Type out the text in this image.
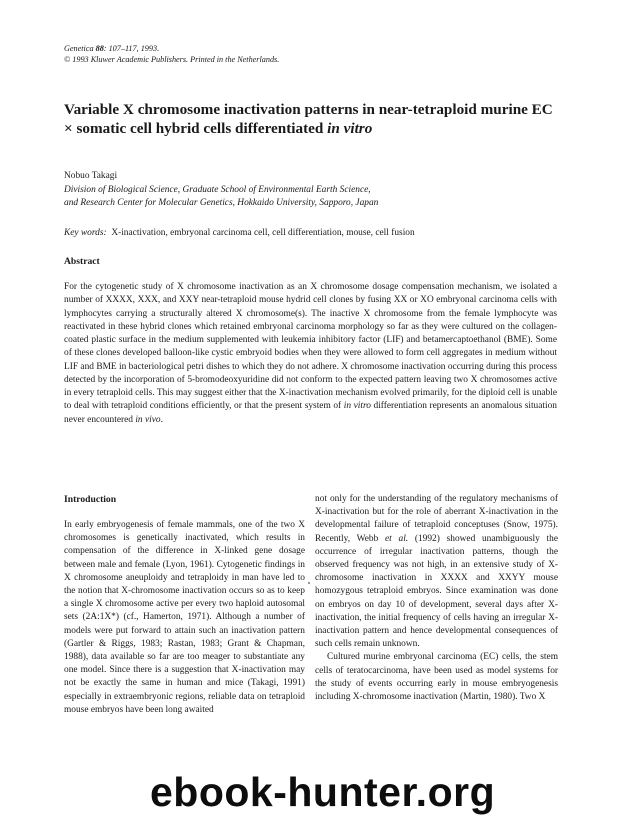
Genetica 88: 107–117, 1993.
© 1993 Kluwer Academic Publishers. Printed in the Netherlands.
Variable X chromosome inactivation patterns in near-tetraploid murine EC × somatic cell hybrid cells differentiated in vitro
Nobuo Takagi
Division of Biological Science, Graduate School of Environmental Earth Science,
and Research Center for Molecular Genetics, Hokkaido University, Sapporo, Japan
Key words: X-inactivation, embryonal carcinoma cell, cell differentiation, mouse, cell fusion
Abstract

For the cytogenetic study of X chromosome inactivation as an X chromosome dosage compensation mechanism, we isolated a number of XXXX, XXX, and XXY near-tetraploid mouse hydrid cell clones by fusing XX or XO embryonal carcinoma cells with lymphocytes carrying a structurally altered X chromosome(s). The inactive X chromosome from the female lymphocyte was reactivated in these hybrid clones which retained embryonal carcinoma morphology so far as they were cultured on the collagen-coated plastic surface in the medium supplemented with leukemia inhibitory factor (LIF) and betamercaptoethanol (BME). Some of these clones developed balloon-like cystic embryoid bodies when they were allowed to form cell aggregates in medium without LIF and BME in bacteriological petri dishes to which they do not adhere. X chromosome inactivation occurring during this process detected by the incorporation of 5-bromodeoxyuridine did not conform to the expected pattern leaving two X chromosomes active in every tetraploid cells. This may suggest either that the X-inactivation mechanism evolved primarily, for the diploid cell is unable to deal with tetraploid conditions efficiently, or that the present system of in vitro differentiation represents an anomalous situation never encountered in vivo.

Introduction

In early embryogenesis of female mammals, one of the two X chromosomes is genetically inactivated, which results in compensation of the difference in X-linked gene dosage between male and female (Lyon, 1961). Cytogenetic findings in X chromosome aneuploidy and tetraploidy in man have led to the notion that X-chromosome inactivation occurs so as to keep a single X chromosome active per every two haploid autosomal sets (2A:1X*) (cf., Hamerton, 1971). Although a number of models were put forward to attain such an inactivation pattern (Gartler & Riggs, 1983; Rastan, 1983; Grant & Chapman, 1988), data available so far are too meager to substantiate any one model. Since there is a suggestion that X-inactivation may not be exactly the same in human and mice (Takagi, 1991) especially in extraembryonic regions, reliable data on tetraploid mouse embryos have been long awaited

not only for the understanding of the regulatory mechanisms of X-inactivation but for the role of aberrant X-inactivation in the developmental failure of tetraploid conceptuses (Snow, 1975). Recently, Webb et al. (1992) showed unambiguously the occurrence of irregular inactivation patterns, though the observed frequency was not high, in an extensive study of X-chromosome inactivation in XXXX and XXYY mouse homozygous tetraploid embryos. Since examination was done on embryos on day 10 of development, several days after X-inactivation, the initial frequency of cells having an irregular X-inactivation pattern and hence developmental consequences of such cells remain unknown.

Cultured murine embryonal carcinoma (EC) cells, the stem cells of teratocarcinoma, have been used as model systems for the study of events occurring early in mouse embryogenesis including X-chromosome inactivation (Martin, 1980). Two X

ebook-hunter.org
